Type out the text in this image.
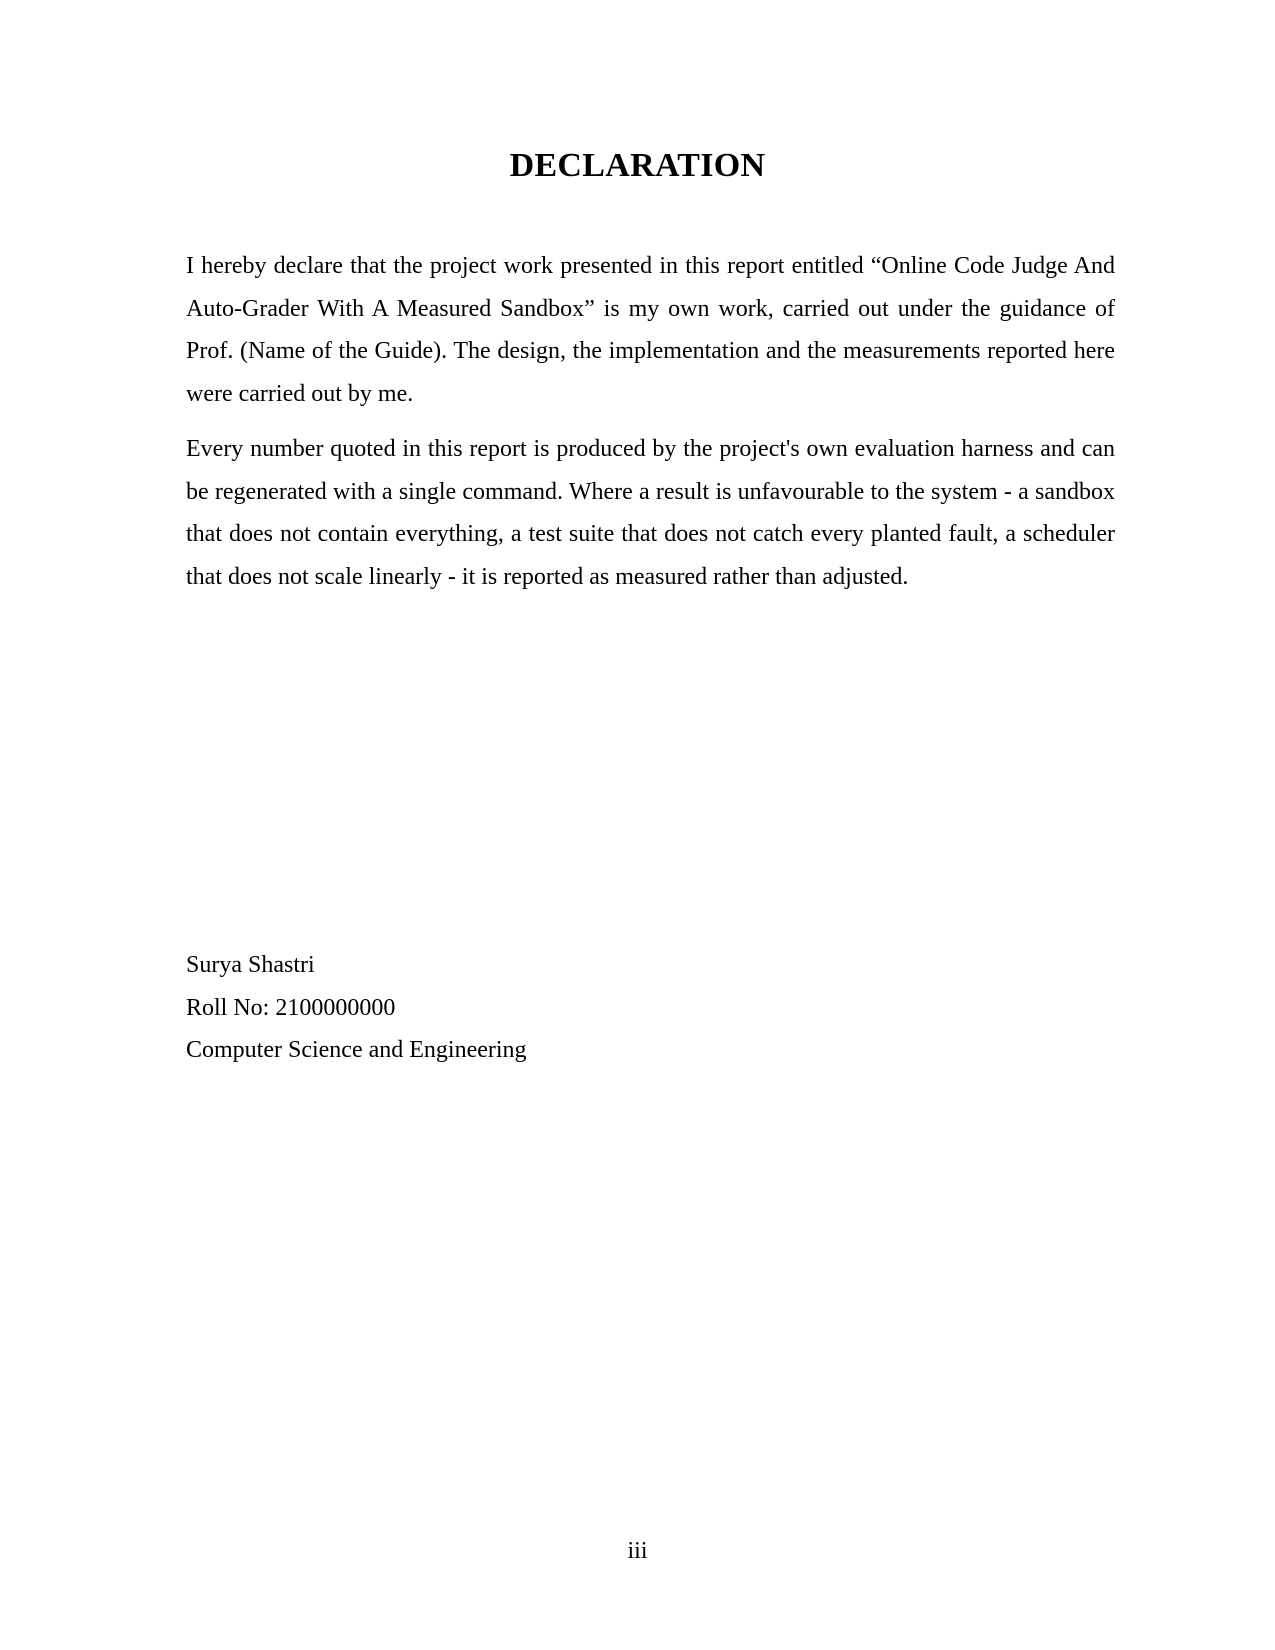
DECLARATION

I hereby declare that the project work presented in this report entitled “Online Code Judge And Auto-Grader With A Measured Sandbox” is my own work, carried out under the guidance of Prof. (Name of the Guide). The design, the implementation and the measurements reported here were carried out by me.

Every number quoted in this report is produced by the project's own evaluation harness and can be regenerated with a single command. Where a result is unfavourable to the system - a sandbox that does not contain everything, a test suite that does not catch every planted fault, a scheduler that does not scale linearly - it is reported as measured rather than adjusted.

Surya Shastri
Roll No: 2100000000
Computer Science and Engineering
iii
